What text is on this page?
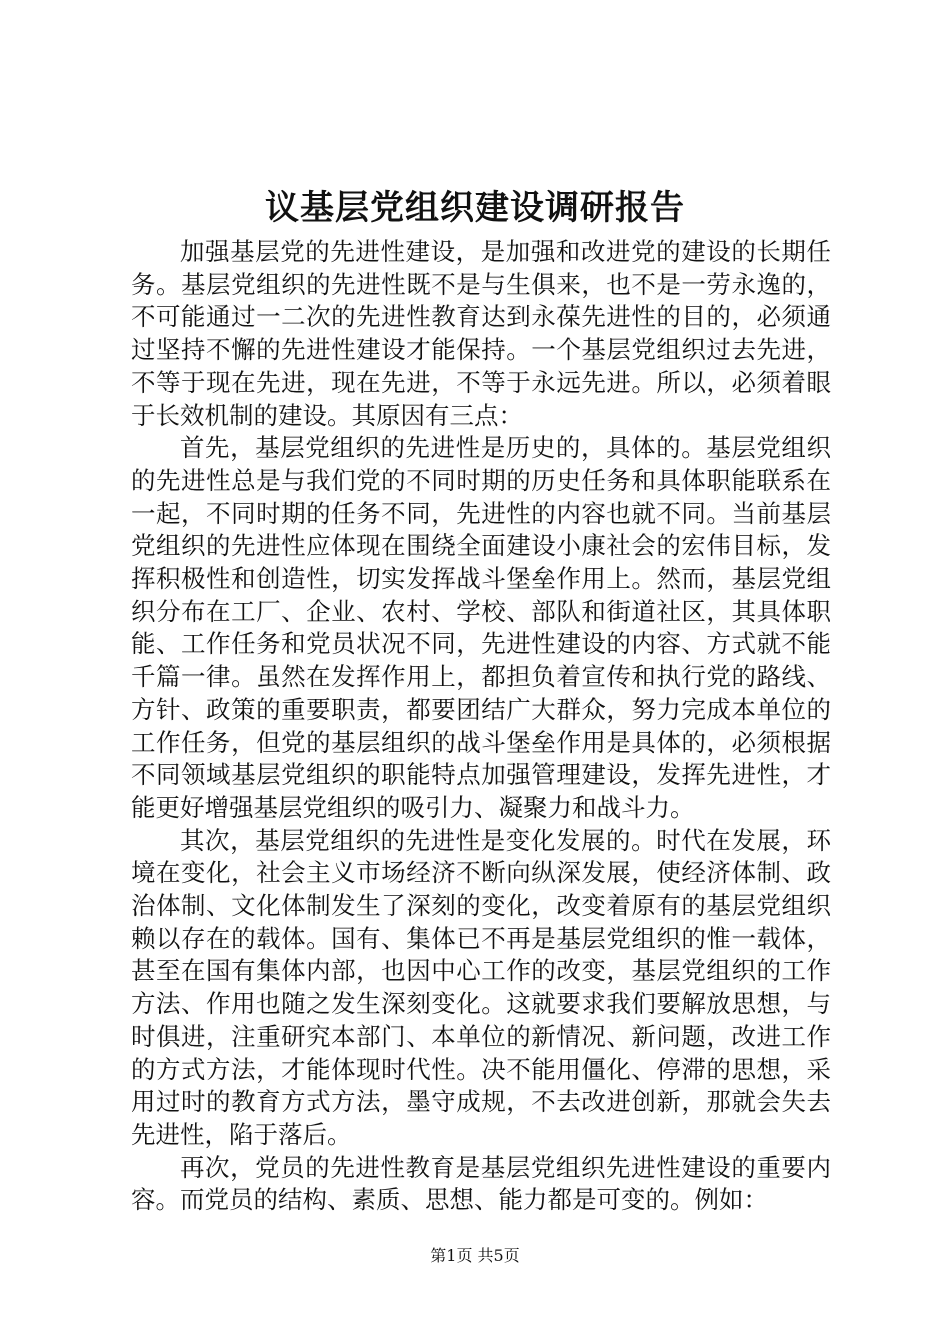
议基层党组织建设调研报告

加强基层党的先进性建设，是加强和改进党的建设的长期任务。基层党组织的先进性既不是与生俱来，也不是一劳永逸的，不可能通过一二次的先进性教育达到永葆先进性的目的，必须通过坚持不懈的先进性建设才能保持。一个基层党组织过去先进，不等于现在先进，现在先进，不等于永远先进。所以，必须着眼于长效机制的建设。其原因有三点：

首先，基层党组织的先进性是历史的，具体的。基层党组织的先进性总是与我们党的不同时期的历史任务和具体职能联系在一起，不同时期的任务不同，先进性的内容也就不同。当前基层党组织的先进性应体现在围绕全面建设小康社会的宏伟目标，发挥积极性和创造性，切实发挥战斗堡垒作用上。然而，基层党组织分布在工厂、企业、农村、学校、部队和街道社区，其具体职能、工作任务和党员状况不同，先进性建设的内容、方式就不能千篇一律。虽然在发挥作用上，都担负着宣传和执行党的路线、方针、政策的重要职责，都要团结广大群众，努力完成本单位的工作任务，但党的基层组织的战斗堡垒作用是具体的，必须根据不同领域基层党组织的职能特点加强管理建设，发挥先进性，才能更好增强基层党组织的吸引力、凝聚力和战斗力。

其次，基层党组织的先进性是变化发展的。时代在发展，环境在变化，社会主义市场经济不断向纵深发展，使经济体制、政治体制、文化体制发生了深刻的变化，改变着原有的基层党组织赖以存在的载体。国有、集体已不再是基层党组织的惟一载体，甚至在国有集体内部，也因中心工作的改变，基层党组织的工作方法、作用也随之发生深刻变化。这就要求我们要解放思想，与时俱进，注重研究本部门、本单位的新情况、新问题，改进工作的方式方法，才能体现时代性。决不能用僵化、停滞的思想，采用过时的教育方式方法，墨守成规，不去改进创新，那就会失去先进性，陷于落后。

再次，党员的先进性教育是基层党组织先进性建设的重要内容。而党员的结构、素质、思想、能力都是可变的。例如：

第1页 共5页
